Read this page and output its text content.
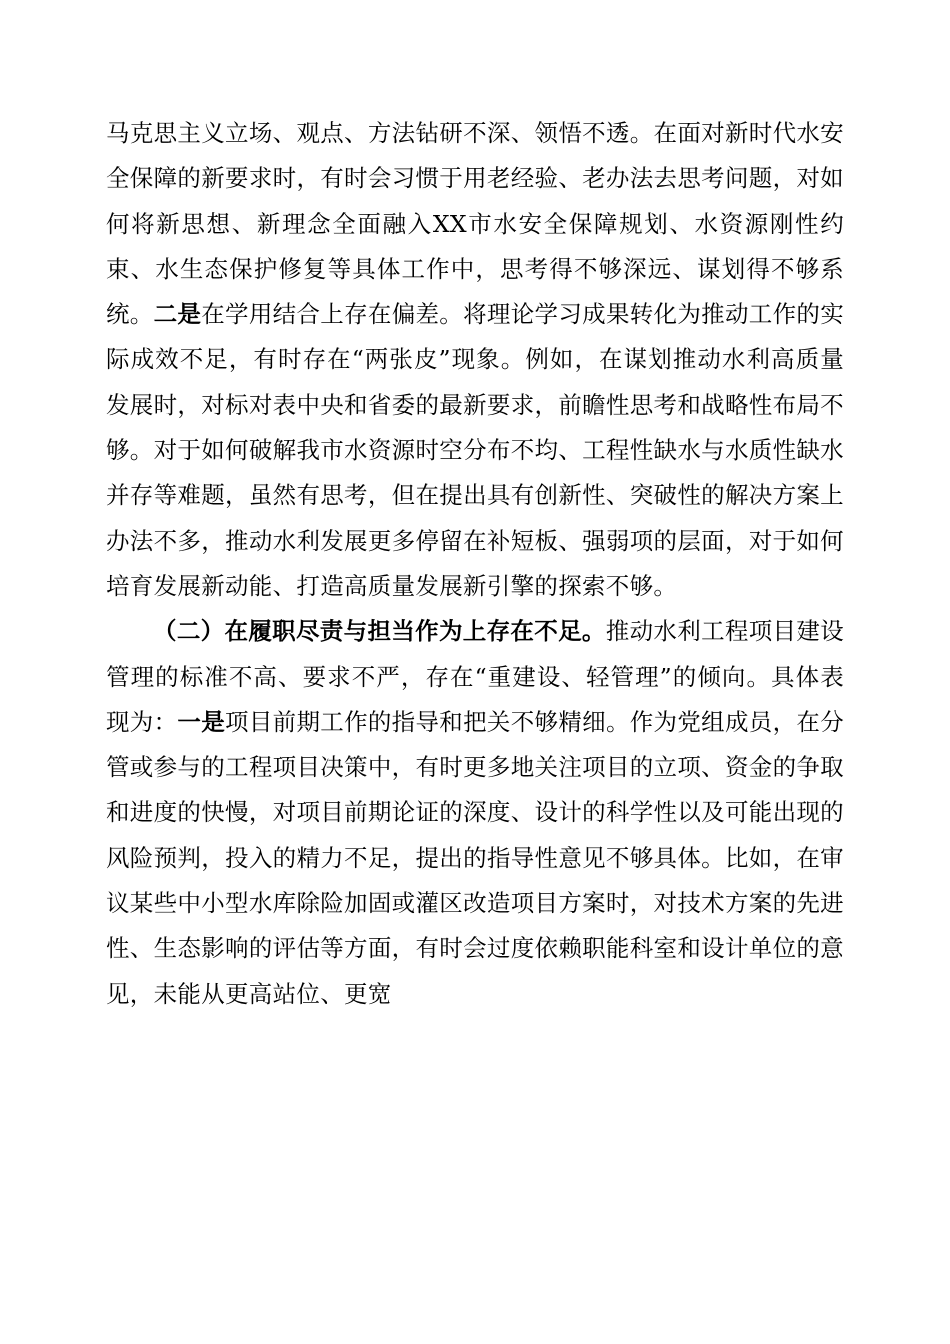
马克思主义立场、观点、方法钻研不深、领悟不透。在面对新时代水安全保障的新要求时，有时会习惯于用老经验、老办法去思考问题，对如何将新思想、新理念全面融入XX市水安全保障规划、水资源刚性约束、水生态保护修复等具体工作中，思考得不够深远、谋划得不够系统。二是在学用结合上存在偏差。将理论学习成果转化为推动工作的实际成效不足，有时存在“两张皮”现象。例如，在谋划推动水利高质量发展时，对标对表中央和省委的最新要求，前瞻性思考和战略性布局不够。对于如何破解我市水资源时空分布不均、工程性缺水与水质性缺水并存等难题，虽然有思考，但在提出具有创新性、突破性的解决方案上办法不多，推动水利发展更多停留在补短板、强弱项的层面，对于如何培育发展新动能、打造高质量发展新引擎的探索不够。

（二）在履职尽责与担当作为上存在不足。推动水利工程项目建设管理的标准不高、要求不严，存在“重建设、轻管理”的倾向。具体表现为：一是项目前期工作的指导和把关不够精细。作为党组成员，在分管或参与的工程项目决策中，有时更多地关注项目的立项、资金的争取和进度的快慢，对项目前期论证的深度、设计的科学性以及可能出现的风险预判，投入的精力不足，提出的指导性意见不够具体。比如，在审议某些中小型水库除险加固或灌区改造项目方案时，对技术方案的先进性、生态影响的评估等方面，有时会过度依赖职能科室和设计单位的意见，未能从更高站位、更宽
